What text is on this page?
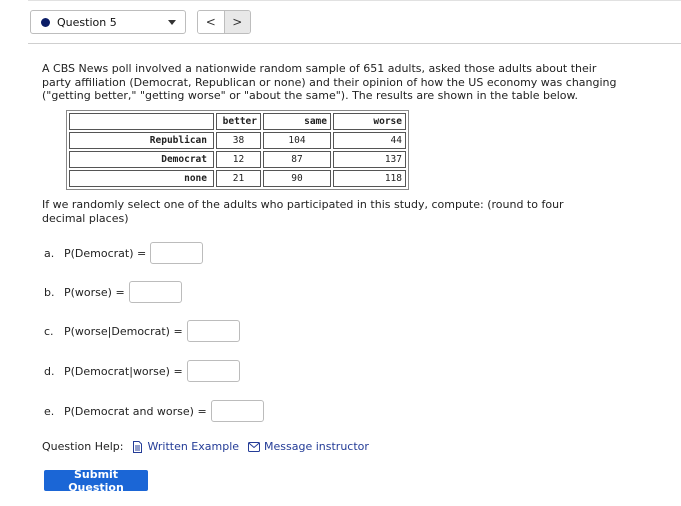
Question 5	<	>
A CBS News poll involved a nationwide random sample of 651 adults, asked those adults about their party affiliation (Democrat, Republican or none) and their opinion of how the US economy was changing ("getting better," "getting worse" or "about the same"). The results are shown in the table below.
	better	same	worse
Republican	38	104	44
Democrat	12	87	137
none	21	90	118
If we randomly select one of the adults who participated in this study, compute: (round to four decimal places)
a. P(Democrat) =
b. P(worse) =
c. P(worse|Democrat) =
d. P(Democrat|worse) =
e. P(Democrat and worse) =
Question Help: Written Example Message instructor
Submit Question
